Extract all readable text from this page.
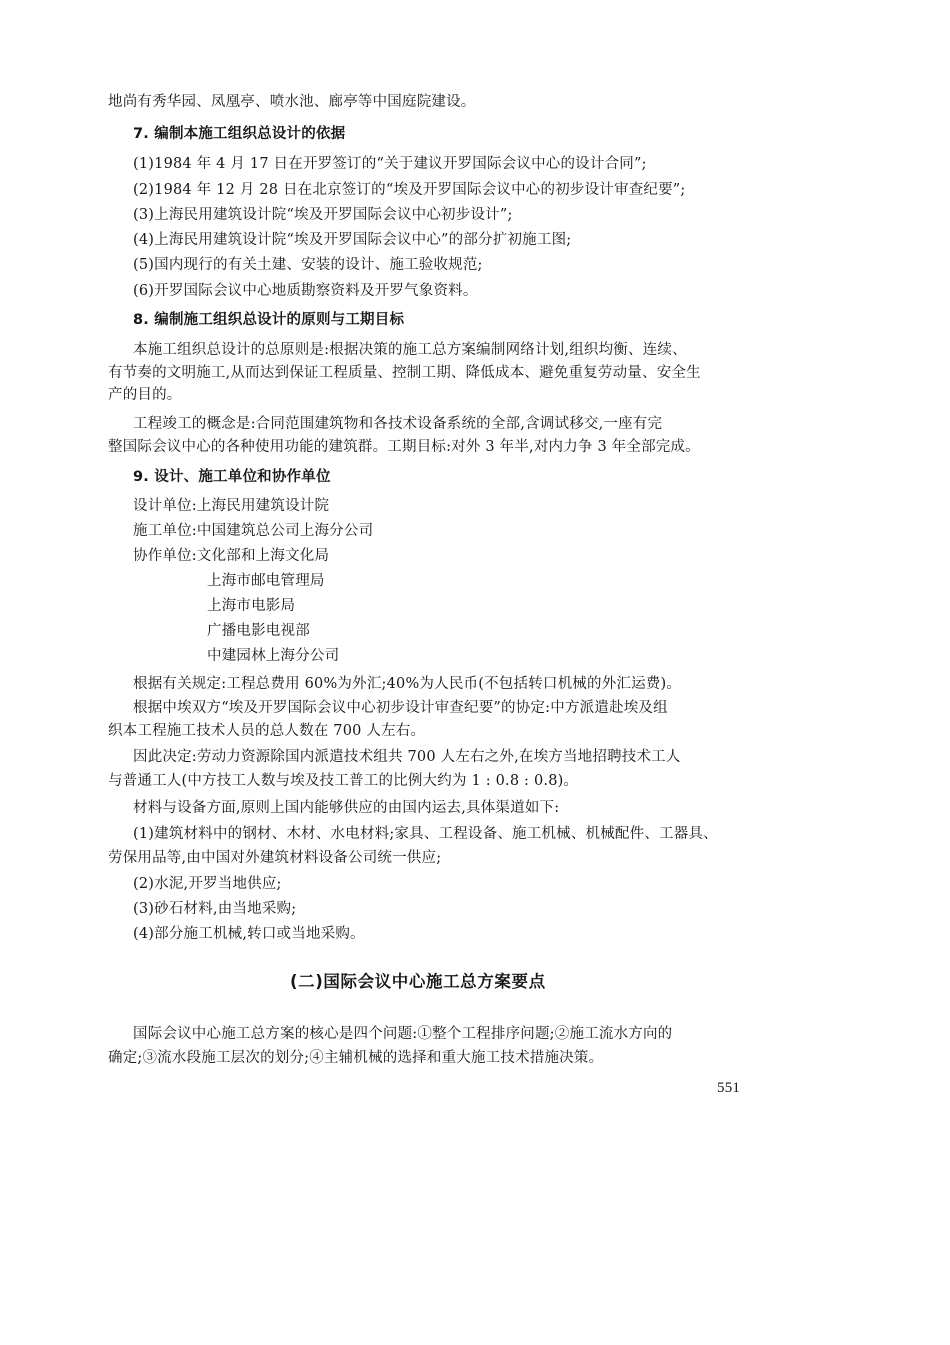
地尚有秀华园、凤凰亭、喷水池、廊亭等中国庭院建设。

7. 编制本施工组织总设计的依据

(1)1984 年 4 月 17 日在开罗签订的“关于建议开罗国际会议中心的设计合同”;

(2)1984 年 12 月 28 日在北京签订的“埃及开罗国际会议中心的初步设计审查纪要”;

(3)上海民用建筑设计院“埃及开罗国际会议中心初步设计”;

(4)上海民用建筑设计院“埃及开罗国际会议中心”的部分扩初施工图;

(5)国内现行的有关土建、安装的设计、施工验收规范;

(6)开罗国际会议中心地质勘察资料及开罗气象资料。

8. 编制施工组织总设计的原则与工期目标

本施工组织总设计的总原则是:根据决策的施工总方案编制网络计划,组织均衡、连续、

有节奏的文明施工,从而达到保证工程质量、控制工期、降低成本、避免重复劳动量、安全生

产的目的。

工程竣工的概念是:合同范围建筑物和各技术设备系统的全部,含调试移交,一座有完

整国际会议中心的各种使用功能的建筑群。工期目标:对外 3 年半,对内力争 3 年全部完成。

9. 设计、施工单位和协作单位

设计单位:上海民用建筑设计院

施工单位:中国建筑总公司上海分公司

协作单位:文化部和上海文化局

上海市邮电管理局

上海市电影局

广播电影电视部

中建园林上海分公司

根据有关规定:工程总费用 60%为外汇;40%为人民币(不包括转口机械的外汇运费)。

根据中埃双方“埃及开罗国际会议中心初步设计审查纪要”的协定:中方派遣赴埃及组

织本工程施工技术人员的总人数在 700 人左右。

因此决定:劳动力资源除国内派遣技术组共 700 人左右之外,在埃方当地招聘技术工人

与普通工人(中方技工人数与埃及技工普工的比例大约为 1 : 0.8 : 0.8)。

材料与设备方面,原则上国内能够供应的由国内运去,具体渠道如下:

(1)建筑材料中的钢材、木材、水电材料;家具、工程设备、施工机械、机械配件、工器具、

劳保用品等,由中国对外建筑材料设备公司统一供应;

(2)水泥,开罗当地供应;

(3)砂石材料,由当地采购;

(4)部分施工机械,转口或当地采购。

(二)国际会议中心施工总方案要点

国际会议中心施工总方案的核心是四个问题:①整个工程排序问题;②施工流水方向的

确定;③流水段施工层次的划分;④主辅机械的选择和重大施工技术措施决策。

551
